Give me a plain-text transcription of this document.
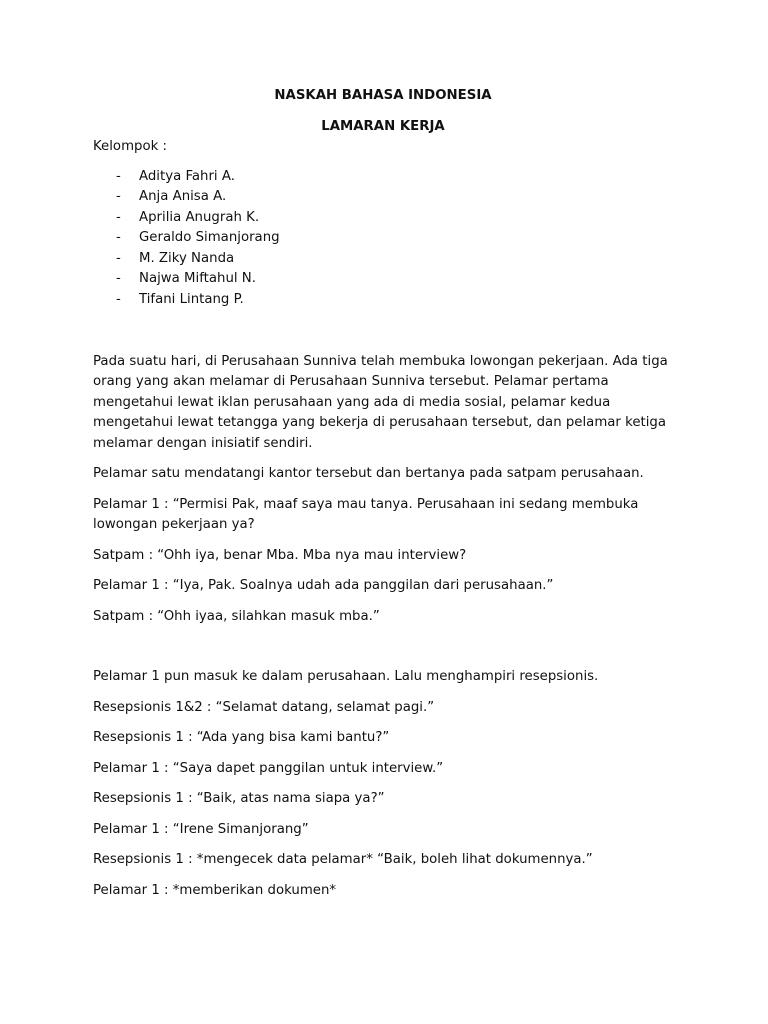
NASKAH BAHASA INDONESIA

LAMARAN KERJA

Kelompok :

- Aditya Fahri A.
- Anja Anisa A.
- Aprilia Anugrah K.
- Geraldo Simanjorang
- M. Ziky Nanda
- Najwa Miftahul N.
- Tifani Lintang P.

Pada suatu hari, di Perusahaan Sunniva telah membuka lowongan pekerjaan. Ada tiga orang yang akan melamar di Perusahaan Sunniva tersebut. Pelamar pertama mengetahui lewat iklan perusahaan yang ada di media sosial, pelamar kedua mengetahui lewat tetangga yang bekerja di perusahaan tersebut, dan pelamar ketiga melamar dengan inisiatif sendiri.

Pelamar satu mendatangi kantor tersebut dan bertanya pada satpam perusahaan.

Pelamar 1 : “Permisi Pak, maaf saya mau tanya. Perusahaan ini sedang membuka lowongan pekerjaan ya?

Satpam : “Ohh iya, benar Mba. Mba nya mau interview?

Pelamar 1 : “Iya, Pak. Soalnya udah ada panggilan dari perusahaan.”

Satpam : “Ohh iyaa, silahkan masuk mba.”

Pelamar 1 pun masuk ke dalam perusahaan. Lalu menghampiri resepsionis.

Resepsionis 1&2 : “Selamat datang, selamat pagi.”

Resepsionis 1 : “Ada yang bisa kami bantu?”

Pelamar 1 : “Saya dapet panggilan untuk interview.”

Resepsionis 1 : “Baik, atas nama siapa ya?”

Pelamar 1 : “Irene Simanjorang”

Resepsionis 1 : *mengecek data pelamar* “Baik, boleh lihat dokumennya.”

Pelamar 1 : *memberikan dokumen*
